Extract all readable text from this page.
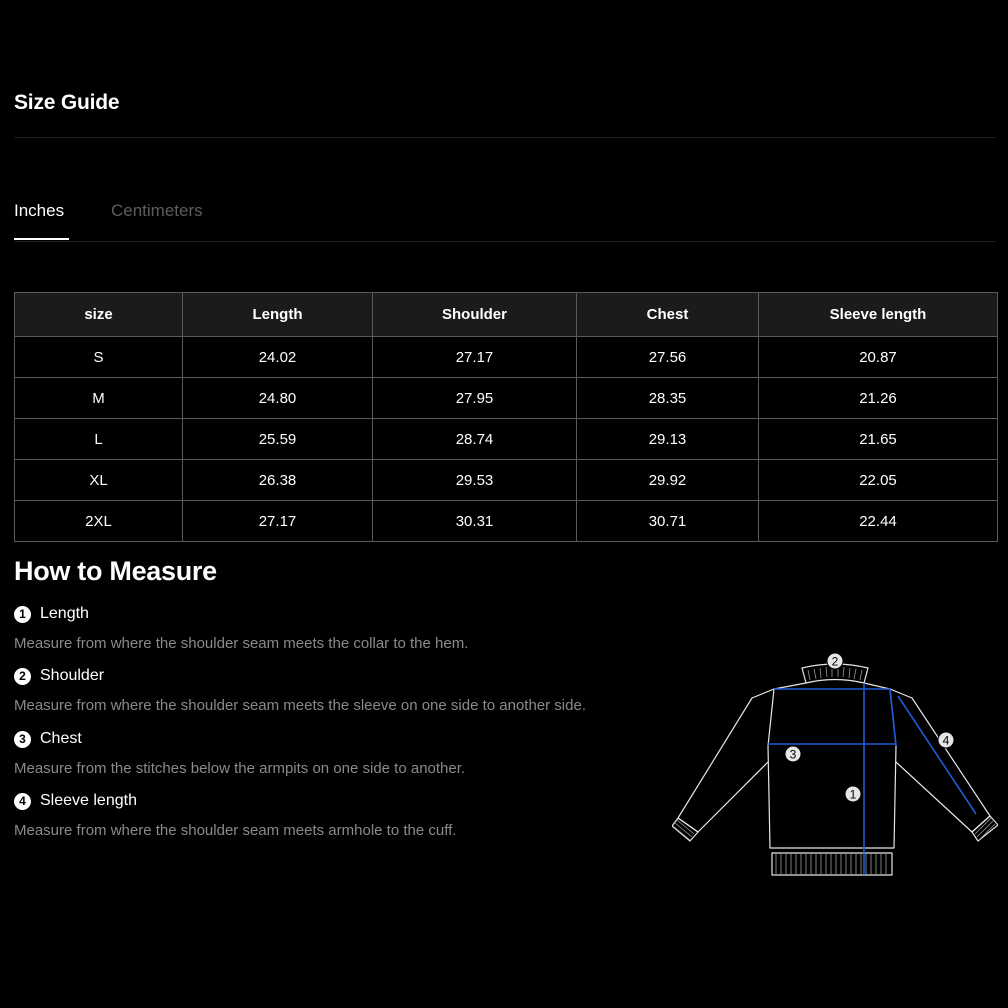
Size Guide
Inches	Centimeters
size	Length	Shoulder	Chest	Sleeve length
S	24.02	27.17	27.56	20.87
M	24.80	27.95	28.35	21.26
L	25.59	28.74	29.13	21.65
XL	26.38	29.53	29.92	22.05
2XL	27.17	30.31	30.71	22.44
How to Measure
1 Length
Measure from where the shoulder seam meets the collar to the hem.
2 Shoulder
Measure from where the shoulder seam meets the sleeve on one side to another side.
3 Chest
Measure from the stitches below the armpits on one side to another.
4 Sleeve length
Measure from where the shoulder seam meets armhole to the cuff.
2
3
1
4
